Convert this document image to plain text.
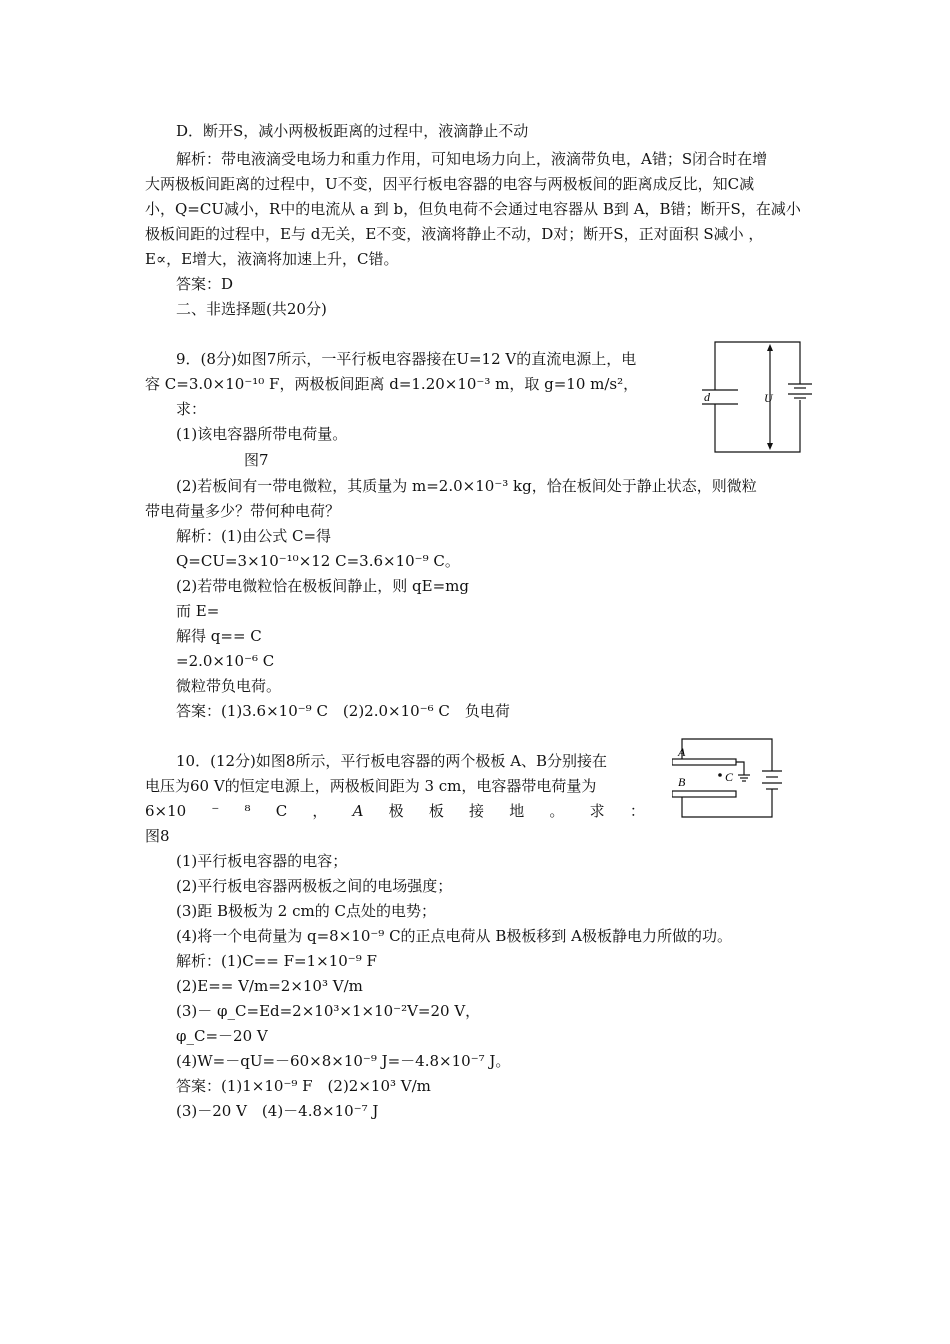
D．断开S，减小两极板距离的过程中，液滴静止不动
解析：带电液滴受电场力和重力作用，可知电场力向上，液滴带负电，A错；S闭合时在增
大两极板间距离的过程中，U不变，因平行板电容器的电容与两极板间的距离成反比，知C减
小，Q=CU减小，R中的电流从 a 到 b，但负电荷不会通过电容器从 B到 A，B错；断开S，在减小
极板间距的过程中，E与 d无关，E不变，液滴将静止不动，D对；断开S，正对面积 S减小 ，
E∝，E增大，液滴将加速上升，C错。
答案：D
二、非选择题(共20分)
9．(8分)如图7所示，一平行板电容器接在U=12 V的直流电源上，电
容 C=3.0×10⁻¹⁰ F，两极板间距离 d=1.20×10⁻³ m，取 g=10 m/s²，
求：
(1)该电容器所带电荷量。
图7
d	U
(2)若板间有一带电微粒，其质量为 m=2.0×10⁻³ kg，恰在板间处于静止状态，则微粒
带电荷量多少？带何种电荷？
解析：(1)由公式 C=得
Q=CU=3×10⁻¹⁰×12 C=3.6×10⁻⁹ C。
(2)若带电微粒恰在极板间静止，则 qE=mg
而 E=
解得 q== C
=2.0×10⁻⁶ C
微粒带负电荷。
答案：(1)3.6×10⁻⁹ C　(2)2.0×10⁻⁶ C　负电荷
10．(12分)如图8所示，平行板电容器的两个极板 A、B分别接在
电压为60 V的恒定电源上，两极板间距为 3 cm，电容器带电荷量为
6×10 ⁻ ⁸ C ， A 极 板 接 地 。 求 ：
图8
A
B	C
(1)平行板电容器的电容；
(2)平行板电容器两极板之间的电场强度；
(3)距 B极板为 2 cm的 C点处的电势；
(4)将一个电荷量为 q=8×10⁻⁹ C的正点电荷从 B极板移到 A极板静电力所做的功。
解析：(1)C== F=1×10⁻⁹ F
(2)E== V/m=2×10³ V/m
(3)－ φ_C=Ed=2×10³×1×10⁻²V=20 V，
φ_C=－20 V
(4)W=－qU=－60×8×10⁻⁹ J=－4.8×10⁻⁷ J。
答案：(1)1×10⁻⁹ F　(2)2×10³ V/m
(3)－20 V　(4)－4.8×10⁻⁷ J
